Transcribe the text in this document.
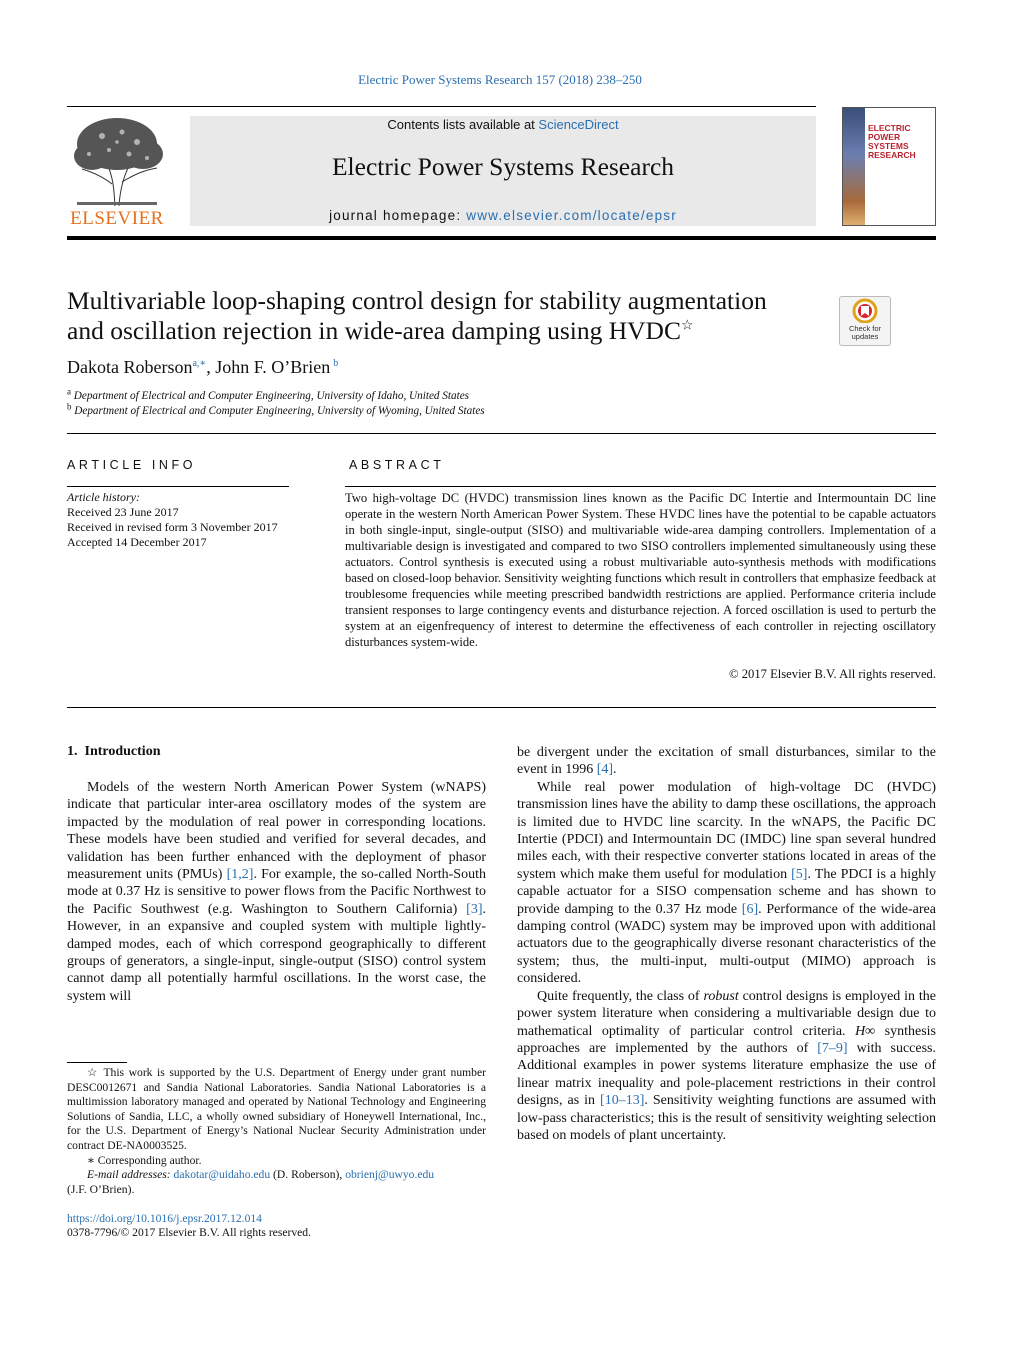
Electric Power Systems Research 157 (2018) 238–250
ELSEVIER
Contents lists available at ScienceDirect
Electric Power Systems Research
journal homepage: www.elsevier.com/locate/epsr
ELECTRIC POWER SYSTEMS RESEARCH
Multivariable loop-shaping control design for stability augmentation
and oscillation rejection in wide-area damping using HVDC☆	Check for updates
Dakota Roberson$^{a,∗}$, John F. O’Brien $^b$
$^a$ Department of Electrical and Computer Engineering, University of Idaho, United States
$^b$ Department of Electrical and Computer Engineering, University of Wyoming, United States
ARTICLE INFO
Article history:
Received 23 June 2017
Received in revised form 3 November 2017
Accepted 14 December 2017
ABSTRACT
Two high-voltage DC (HVDC) transmission lines known as the Pacific DC Intertie and Intermountain DC line operate in the western North American Power System. These HVDC lines have the potential to be capable actuators in both single-input, single-output (SISO) and multivariable wide-area damping controllers. Implementation of a multivariable design is investigated and compared to two SISO controllers implemented simultaneously using these actuators. Control synthesis is executed using a robust multivariable auto-synthesis methods with modifications based on closed-loop behavior. Sensitivity weighting functions which result in controllers that emphasize feedback at troublesome frequencies while meeting prescribed bandwidth restrictions are applied. Performance criteria include transient responses to large contingency events and disturbance rejection. A forced oscillation is used to perturb the system at an eigenfrequency of interest to determine the effectiveness of each controller in rejecting oscillatory disturbances system-wide.
© 2017 Elsevier B.V. All rights reserved.
1.  Introduction

Models of the western North American Power System (wNAPS) indicate that particular inter-area oscillatory modes of the system are impacted by the modulation of real power in corresponding locations. These models have been studied and verified for several decades, and validation has been further enhanced with the deployment of phasor measurement units (PMUs) [1,2]. For example, the so-called North-South mode at 0.37 Hz is sensitive to power flows from the Pacific Northwest to the Pacific Southwest (e.g. Washington to Southern California) [3]. However, in an expansive and coupled system with multiple lightly-damped modes, each of which correspond geographically to different groups of generators, a single-input, single-output (SISO) control system cannot damp all potentially harmful oscillations. In the worst case, the system will

be divergent under the excitation of small disturbances, similar to the event in 1996 [4].

While real power modulation of high-voltage DC (HVDC) transmission lines have the ability to damp these oscillations, the approach is limited due to HVDC line scarcity. In the wNAPS, the Pacific DC Intertie (PDCI) and Intermountain DC (IMDC) line span several hundred miles each, with their respective converter stations located in areas of the system which make them useful for modulation [5]. The PDCI is a highly capable actuator for a SISO compensation scheme and has shown to provide damping to the 0.37 Hz mode [6]. Performance of the wide-area damping control (WADC) system may be improved upon with additional actuators due to the geographically diverse resonant characteristics of the system; thus, the multi-input, multi-output (MIMO) approach is considered.

Quite frequently, the class of robust control designs is employed in the power system literature when considering a multivariable design due to mathematical optimality of particular control criteria. H∞ synthesis approaches are implemented by the authors of [7–9] with success. Additional examples in power systems literature emphasize the use of linear matrix inequality and pole-placement restrictions in their control designs, as in [10–13]. Sensitivity weighting functions are assumed with low-pass characteristics; this is the result of sensitivity weighting selection based on models of plant uncertainty.

☆ This work is supported by the U.S. Department of Energy under grant number DESC0012671 and Sandia National Laboratories. Sandia National Laboratories is a multimission laboratory managed and operated by National Technology and Engineering Solutions of Sandia, LLC, a wholly owned subsidiary of Honeywell International, Inc., for the U.S. Department of Energy’s National Nuclear Security Administration under contract DE-NA0003525.

∗ Corresponding author.

E-mail addresses: dakotar@uidaho.edu (D. Roberson), obrienj@uwyo.edu

(J.F. O’Brien).

https://doi.org/10.1016/j.epsr.2017.12.014
0378-7796/© 2017 Elsevier B.V. All rights reserved.
